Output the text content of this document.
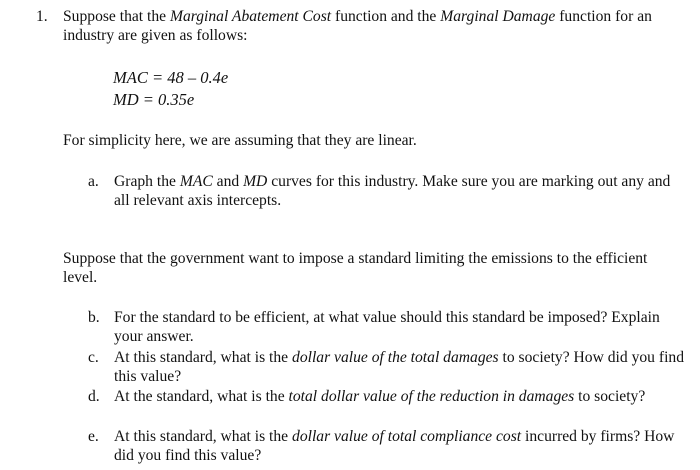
1. Suppose that the Marginal Abatement Cost function and the Marginal Damage function for an industry are given as follows:
MAC = 48 – 0.4e
MD = 0.35e
For simplicity here, we are assuming that they are linear.
a. Graph the MAC and MD curves for this industry. Make sure you are marking out any and all relevant axis intercepts.
Suppose that the government want to impose a standard limiting the emissions to the efficient level.
b. For the standard to be efficient, at what value should this standard be imposed? Explain your answer.
c. At this standard, what is the dollar value of the total damages to society? How did you find this value?
d. At the standard, what is the total dollar value of the reduction in damages to society?
e. At this standard, what is the dollar value of total compliance cost incurred by firms? How did you find this value?
